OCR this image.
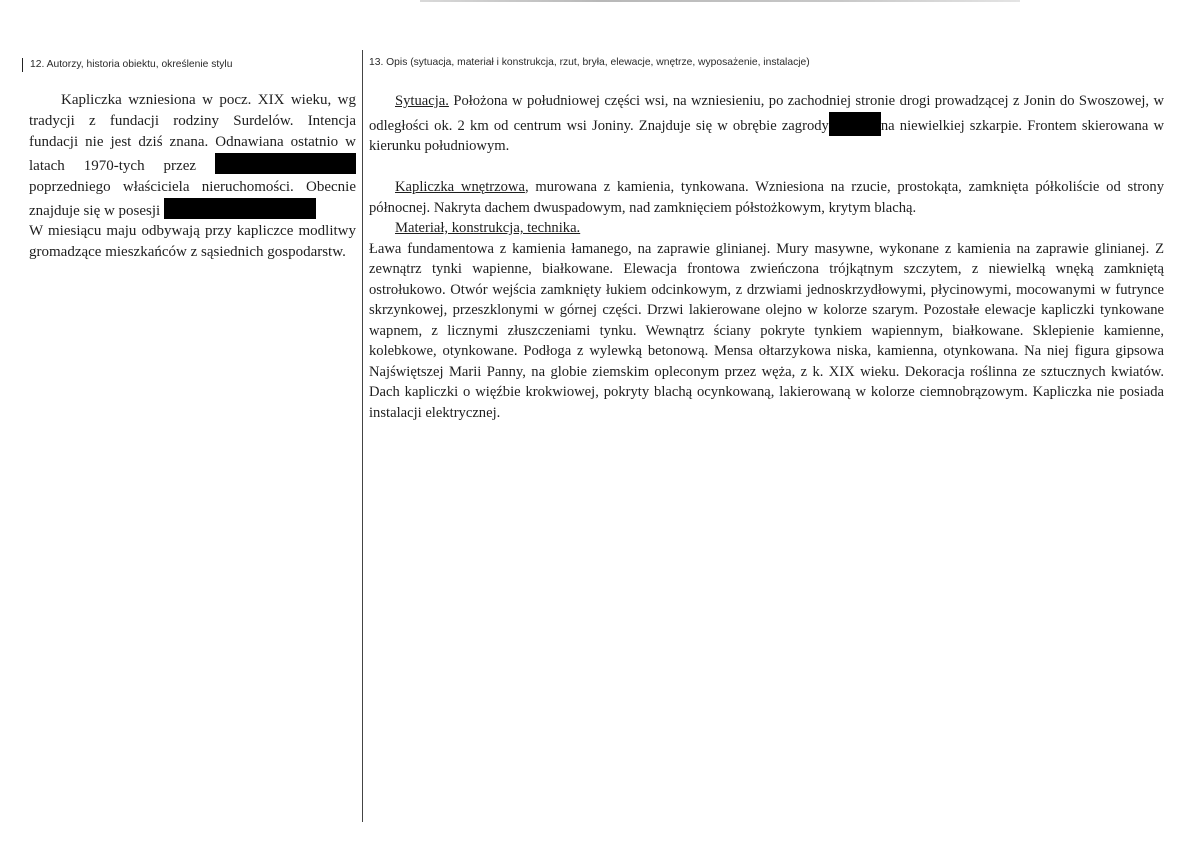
12. Autorzy, historia obiektu, określenie stylu	13. Opis (sytuacja, materiał i konstrukcja, rzut, bryła, elewacje, wnętrze, wyposażenie, instalacje)

Kapliczka wzniesiona w pocz. XIX wieku, wg tradycji z fundacji rodziny Surdelów. Intencja fundacji nie jest dziś znana. Odnawiana ostatnio w latach 1970-tych przez  poprzedniego właściciela nieruchomości. Obecnie znajduje się w posesji

W miesiącu maju odbywają przy kapliczce modlitwy gromadzące mieszkańców z sąsiednich gospodarstw.

Sytuacja. Położona w południowej części wsi, na wzniesieniu, po zachodniej stronie drogi prowadzącej z Jonin do Swoszowej, w odległości ok. 2 km od centrum wsi Joniny. Znajduje się w obrębie zagrody	na niewielkiej szkarpie. Frontem skierowana w kierunku południowym.

Kapliczka wnętrzowa, murowana z kamienia, tynkowana. Wzniesiona na rzucie, prostokąta, zamknięta półkoliście od strony północnej. Nakryta dachem dwuspadowym, nad zamknięciem półstożkowym, krytym blachą.

Materiał, konstrukcja, technika.

Ława fundamentowa z kamienia łamanego, na zaprawie glinianej. Mury masywne, wykonane z kamienia na zaprawie glinianej. Z zewnątrz tynki wapienne, białkowane. Elewacja frontowa zwieńczona trójkątnym szczytem, z niewielką wnęką zamkniętą ostrołukowo. Otwór wejścia zamknięty łukiem odcinkowym, z drzwiami jednoskrzydłowymi, płycinowymi, mocowanymi w futrynce skrzynkowej, przeszklonymi w górnej części. Drzwi lakierowane olejno w kolorze szarym. Pozostałe elewacje kapliczki tynkowane wapnem, z licznymi złuszczeniami tynku. Wewnątrz ściany pokryte tynkiem wapiennym, białkowane. Sklepienie kamienne, kolebkowe, otynkowane. Podłoga z wylewką betonową. Mensa ołtarzykowa niska, kamienna, otynkowana. Na niej figura gipsowa Najświętszej Marii Panny, na globie ziemskim opleconym przez węża, z k. XIX wieku. Dekoracja roślinna ze sztucznych kwiatów. Dach kapliczki o więźbie krokwiowej, pokryty blachą ocynkowaną, lakierowaną w kolorze ciemnobrązowym. Kapliczka nie posiada instalacji elektrycznej.
